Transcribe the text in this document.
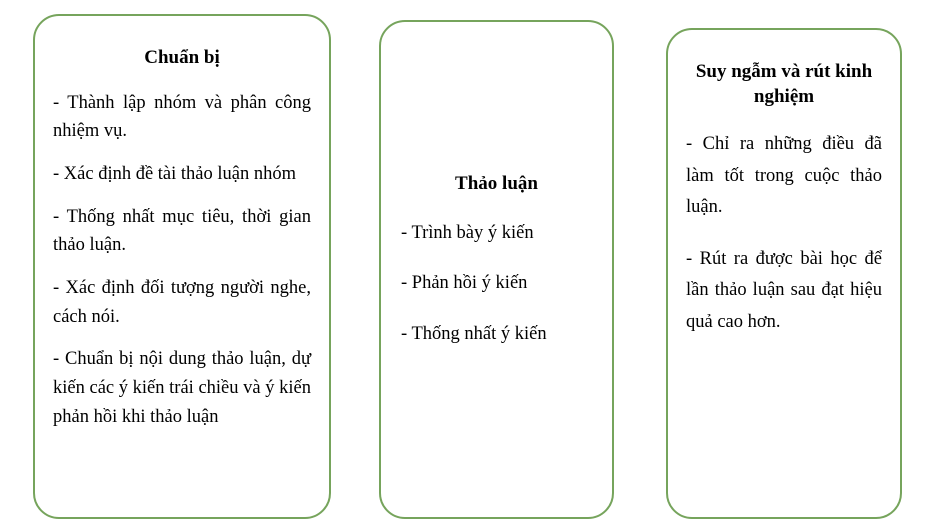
Chuẩn bị

- Thành lập nhóm và phân công nhiệm vụ.

- Xác định đề tài thảo luận nhóm

- Thống nhất mục tiêu, thời gian thảo luận.

- Xác định đối tượng người nghe, cách nói.

- Chuẩn bị nội dung thảo luận, dự kiến các ý kiến trái chiều và ý kiến phản hồi khi thảo luận

Thảo luận

- Trình bày ý kiến

- Phản hồi ý kiến

- Thống nhất ý kiến

Suy ngẫm và rút kinh nghiệm

- Chỉ ra những điều đã làm tốt trong cuộc thảo luận.

- Rút ra được bài học để lần thảo luận sau đạt hiệu quả cao hơn.
